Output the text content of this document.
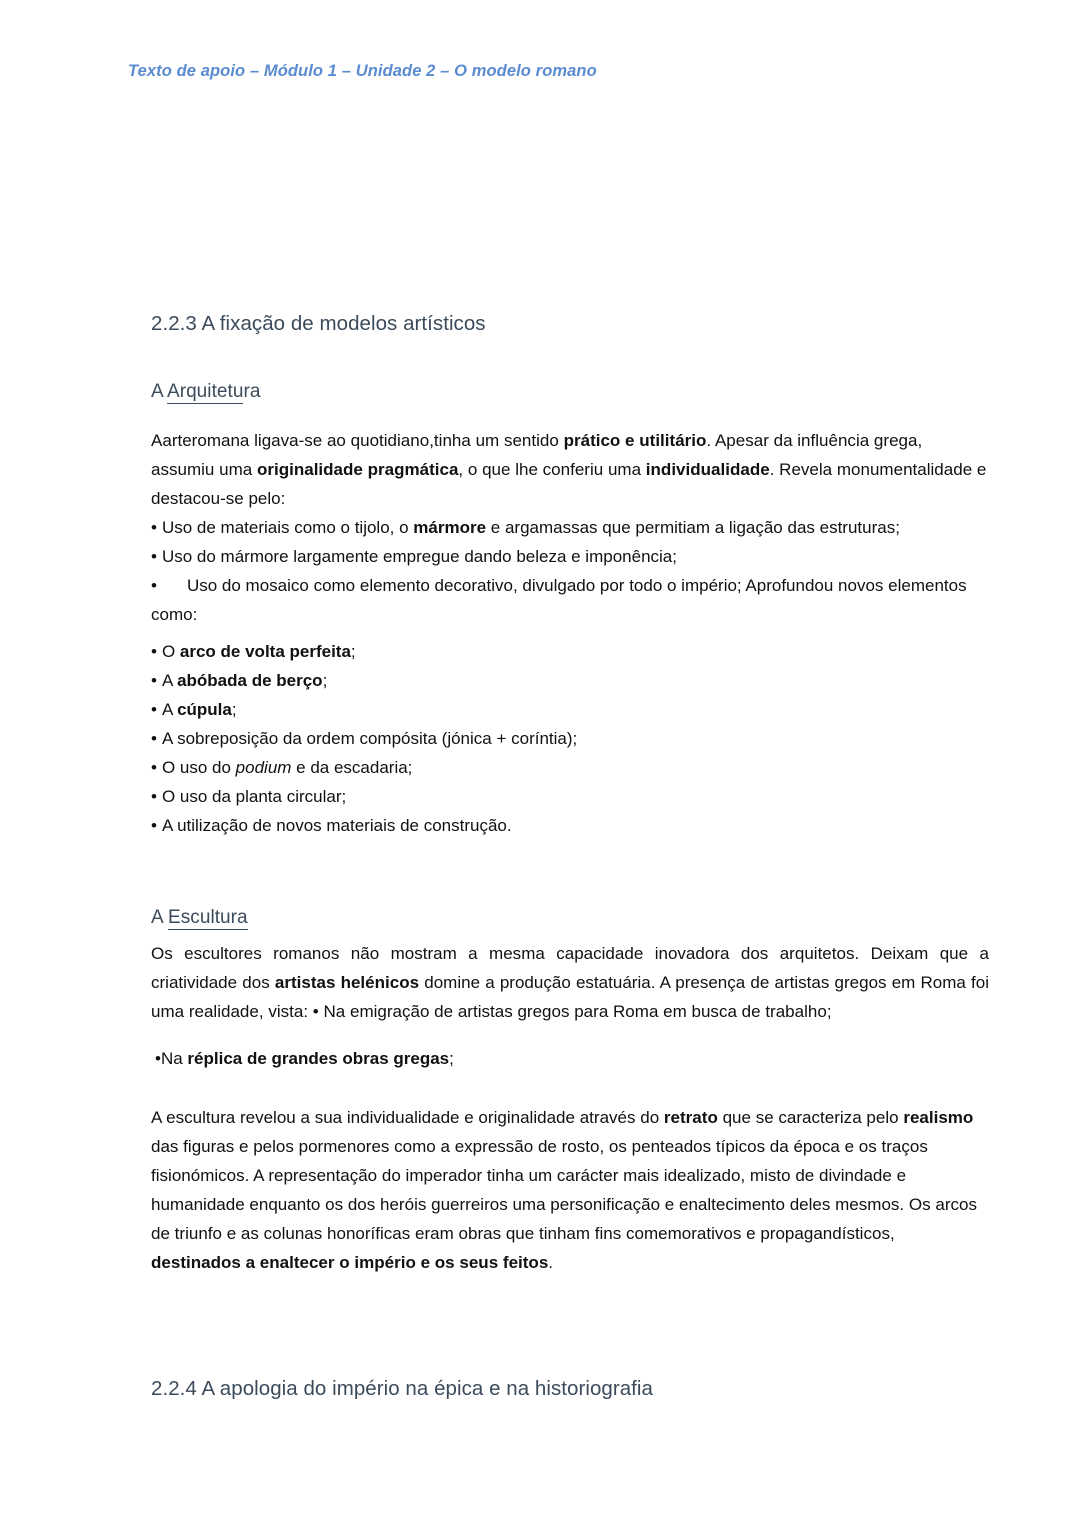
Texto de apoio – Módulo 1 – Unidade 2 – O modelo romano
2.2.3 A fixação de modelos artísticos
A Arquitetura

Aarteromana ligava-se ao quotidiano,tinha um sentido prático e utilitário. Apesar da influência grega, assumiu uma originalidade pragmática, o que lhe conferiu uma individualidade. Revela monumentalidade e destacou-se pelo:

• Uso de materiais como o tijolo, o mármore e argamassas que permitiam a ligação das estruturas;

• Uso do mármore largamente empregue dando beleza e imponência;

• Uso do mosaico como elemento decorativo, divulgado por todo o império; Aprofundou novos elementos como:

• O arco de volta perfeita;

• A abóbada de berço;

• A cúpula;

• A sobreposição da ordem compósita (jónica + coríntia);

• O uso do podium e da escadaria;

• O uso da planta circular;

• A utilização de novos materiais de construção.

A Escultura

Os escultores romanos não mostram a mesma capacidade inovadora dos arquitetos. Deixam que a criatividade dos artistas helénicos domine a produção estatuária. A presença de artistas gregos em Roma foi uma realidade, vista: • Na emigração de artistas gregos para Roma em busca de trabalho;

•Na réplica de grandes obras gregas;

A escultura revelou a sua individualidade e originalidade através do retrato que se caracteriza pelo realismo das figuras e pelos pormenores como a expressão de rosto, os penteados típicos da época e os traços fisionómicos. A representação do imperador tinha um carácter mais idealizado, misto de divindade e humanidade enquanto os dos heróis guerreiros uma personificação e enaltecimento deles mesmos. Os arcos de triunfo e as colunas honoríficas eram obras que tinham fins comemorativos e propagandísticos, destinados a enaltecer o império e os seus feitos.

2.2.4 A apologia do império na épica e na historiografia
